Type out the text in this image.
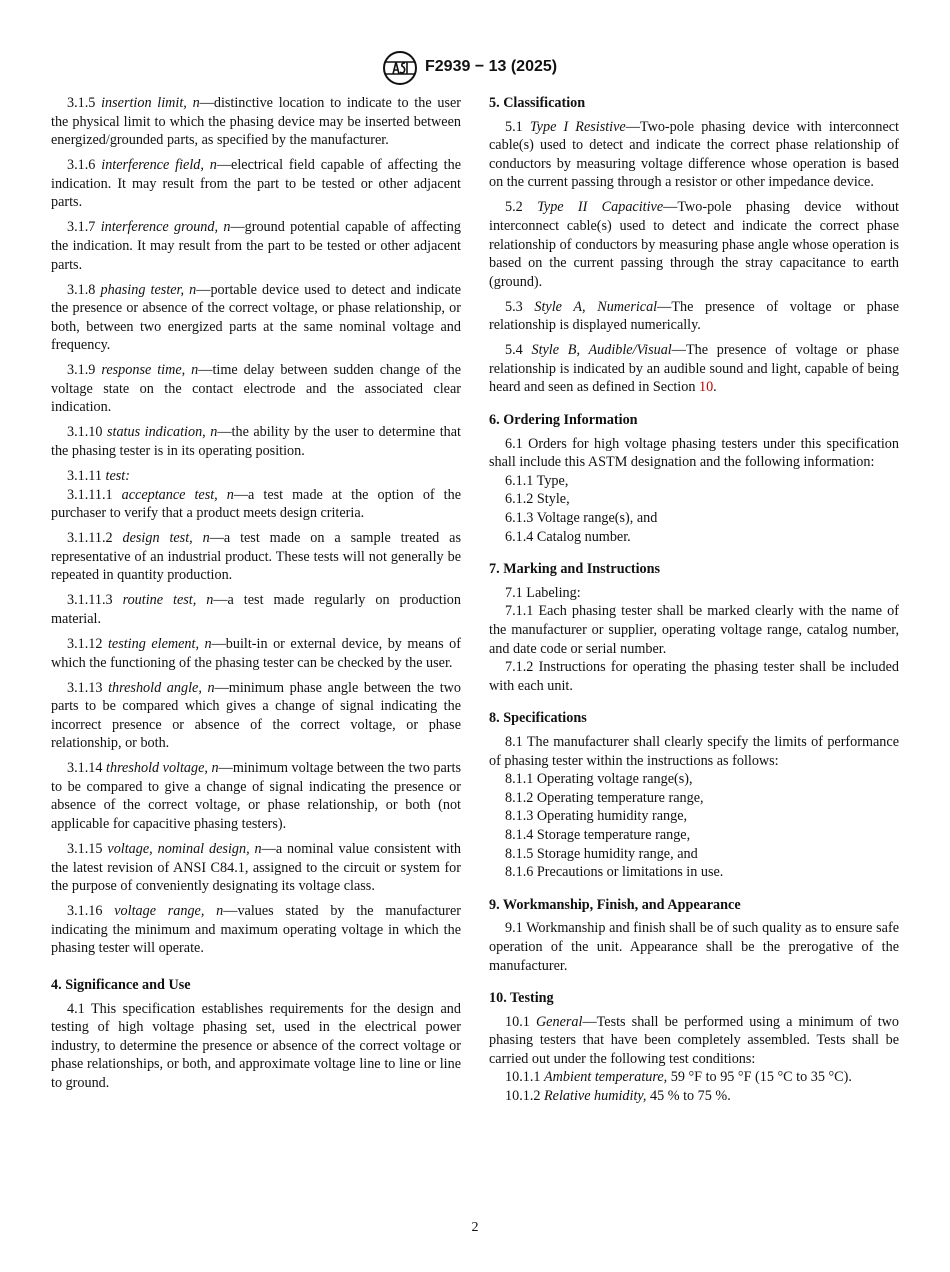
F2939 − 13 (2025)

3.1.5 insertion limit, n—distinctive location to indicate to the user the physical limit to which the phasing device may be inserted between energized/grounded parts, as specified by the manufacturer.

3.1.6 interference field, n—electrical field capable of affecting the indication. It may result from the part to be tested or other adjacent parts.

3.1.7 interference ground, n—ground potential capable of affecting the indication. It may result from the part to be tested or other adjacent parts.

3.1.8 phasing tester, n—portable device used to detect and indicate the presence or absence of the correct voltage, or phase relationship, or both, between two energized parts at the same nominal voltage and frequency.

3.1.9 response time, n—time delay between sudden change of the voltage state on the contact electrode and the associated clear indication.

3.1.10 status indication, n—the ability by the user to determine that the phasing tester is in its operating position.

3.1.11 test:

3.1.11.1 acceptance test, n—a test made at the option of the purchaser to verify that a product meets design criteria.

3.1.11.2 design test, n—a test made on a sample treated as representative of an industrial product. These tests will not generally be repeated in quantity production.

3.1.11.3 routine test, n—a test made regularly on production material.

3.1.12 testing element, n—built-in or external device, by means of which the functioning of the phasing tester can be checked by the user.

3.1.13 threshold angle, n—minimum phase angle between the two parts to be compared which gives a change of signal indicating the incorrect presence or absence of the correct voltage, or phase relationship, or both.

3.1.14 threshold voltage, n—minimum voltage between the two parts to be compared to give a change of signal indicating the presence or absence of the correct voltage, or phase relationship, or both (not applicable for capacitive phasing testers).

3.1.15 voltage, nominal design, n—a nominal value consistent with the latest revision of ANSI C84.1, assigned to the circuit or system for the purpose of conveniently designating its voltage class.

3.1.16 voltage range, n—values stated by the manufacturer indicating the minimum and maximum operating voltage in which the phasing tester will operate.

4. Significance and Use

4.1 This specification establishes requirements for the design and testing of high voltage phasing set, used in the electrical power industry, to determine the presence or absence of the correct voltage or phase relationships, or both, and approximate voltage line to line or line to ground.

5. Classification

5.1 Type I Resistive—Two-pole phasing device with interconnect cable(s) used to detect and indicate the correct phase relationship of conductors by measuring voltage difference whose operation is based on the current passing through a resistor or other impedance device.

5.2 Type II Capacitive—Two-pole phasing device without interconnect cable(s) used to detect and indicate the correct phase relationship of conductors by measuring phase angle whose operation is based on the current passing through the stray capacitance to earth (ground).

5.3 Style A, Numerical—The presence of voltage or phase relationship is displayed numerically.

5.4 Style B, Audible/Visual—The presence of voltage or phase relationship is indicated by an audible sound and light, capable of being heard and seen as defined in Section 10.

6. Ordering Information

6.1 Orders for high voltage phasing testers under this specification shall include this ASTM designation and the following information:

6.1.1 Type,

6.1.2 Style,

6.1.3 Voltage range(s), and

6.1.4 Catalog number.

7. Marking and Instructions

7.1 Labeling:

7.1.1 Each phasing tester shall be marked clearly with the name of the manufacturer or supplier, operating voltage range, catalog number, and date code or serial number.

7.1.2 Instructions for operating the phasing tester shall be included with each unit.

8. Specifications

8.1 The manufacturer shall clearly specify the limits of performance of phasing tester within the instructions as follows:

8.1.1 Operating voltage range(s),

8.1.2 Operating temperature range,

8.1.3 Operating humidity range,

8.1.4 Storage temperature range,

8.1.5 Storage humidity range, and

8.1.6 Precautions or limitations in use.

9. Workmanship, Finish, and Appearance

9.1 Workmanship and finish shall be of such quality as to ensure safe operation of the unit. Appearance shall be the prerogative of the manufacturer.

10. Testing

10.1 General—Tests shall be performed using a minimum of two phasing testers that have been completely assembled. Tests shall be carried out under the following test conditions:

10.1.1 Ambient temperature, 59 °F to 95 °F (15 °C to 35 °C).

10.1.2 Relative humidity, 45 % to 75 %.

2
